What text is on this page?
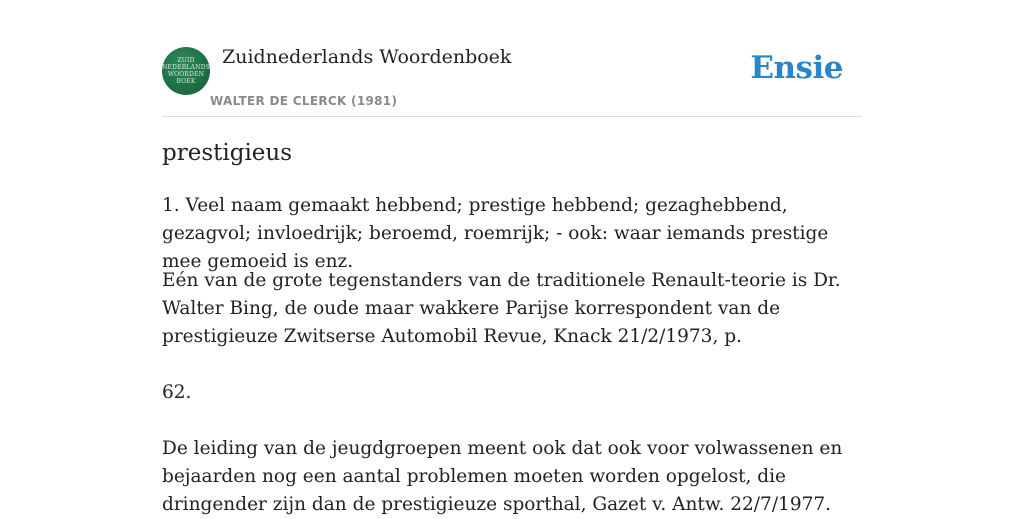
ZUID
NEDERLANDS
WOORDEN
BOEK
Zuidnederlands Woordenboek
WALTER DE CLERCK (1981)
Ensie
prestigieus
1. Veel naam gemaakt hebbend; prestige hebbend; gezaghebbend, gezagvol; invloedrijk; beroemd, roemrijk; - ook: waar iemands prestige mee gemoeid is enz.
Eén van de grote tegenstanders van de traditionele Renault-teorie is Dr. Walter Bing, de oude maar wakkere Parijse korrespondent van de prestigieuze Zwitserse Automobil Revue, Knack 21/2/1973, p.
62.
De leiding van de jeugdgroepen meent ook dat ook voor volwassenen en bejaarden nog een aantal problemen moeten worden opgelost, die dringender zijn dan de prestigieuze sporthal, Gazet v. Antw. 22/7/1977.
